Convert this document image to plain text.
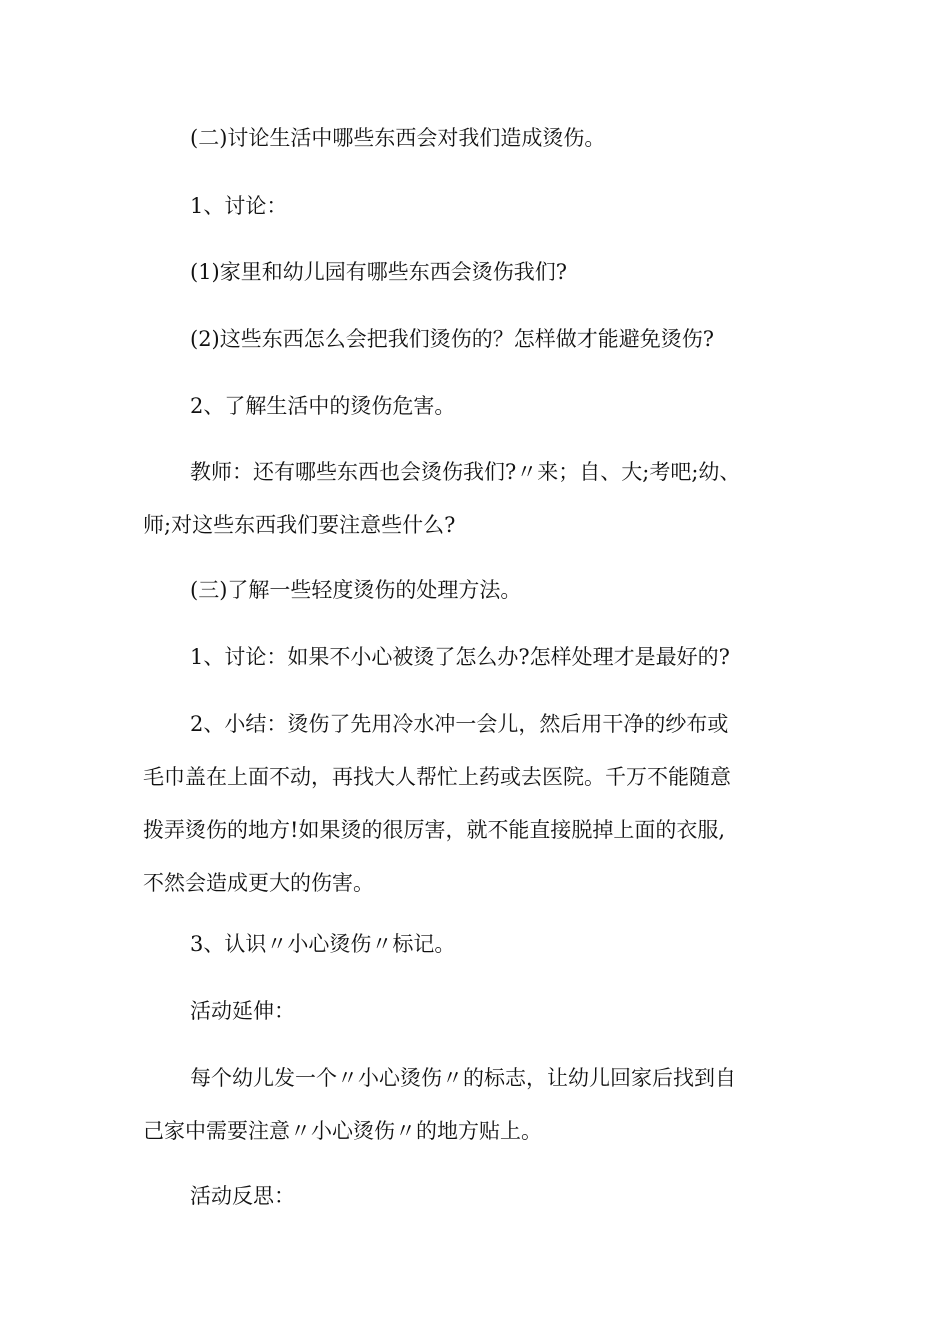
(二)讨论生活中哪些东西会对我们造成烫伤。

1、讨论：

(1)家里和幼儿园有哪些东西会烫伤我们?

(2)这些东西怎么会把我们烫伤的？怎样做才能避免烫伤?

2、了解生活中的烫伤危害。

教师：还有哪些东西也会烫伤我们?〃来；自、大;考吧;幼、
师;对这些东西我们要注意些什么?

(三)了解一些轻度烫伤的处理方法。

1、讨论：如果不小心被烫了怎么办?怎样处理才是最好的?

2、小结：烫伤了先用冷水冲一会儿，然后用干净的纱布或
毛巾盖在上面不动，再找大人帮忙上药或去医院。千万不能随意
拨弄烫伤的地方!如果烫的很厉害，就不能直接脱掉上面的衣服,
不然会造成更大的伤害。

3、认识〃小心烫伤〃标记。

活动延伸：

每个幼儿发一个〃小心烫伤〃的标志，让幼儿回家后找到自
己家中需要注意〃小心烫伤〃的地方贴上。

活动反思：
